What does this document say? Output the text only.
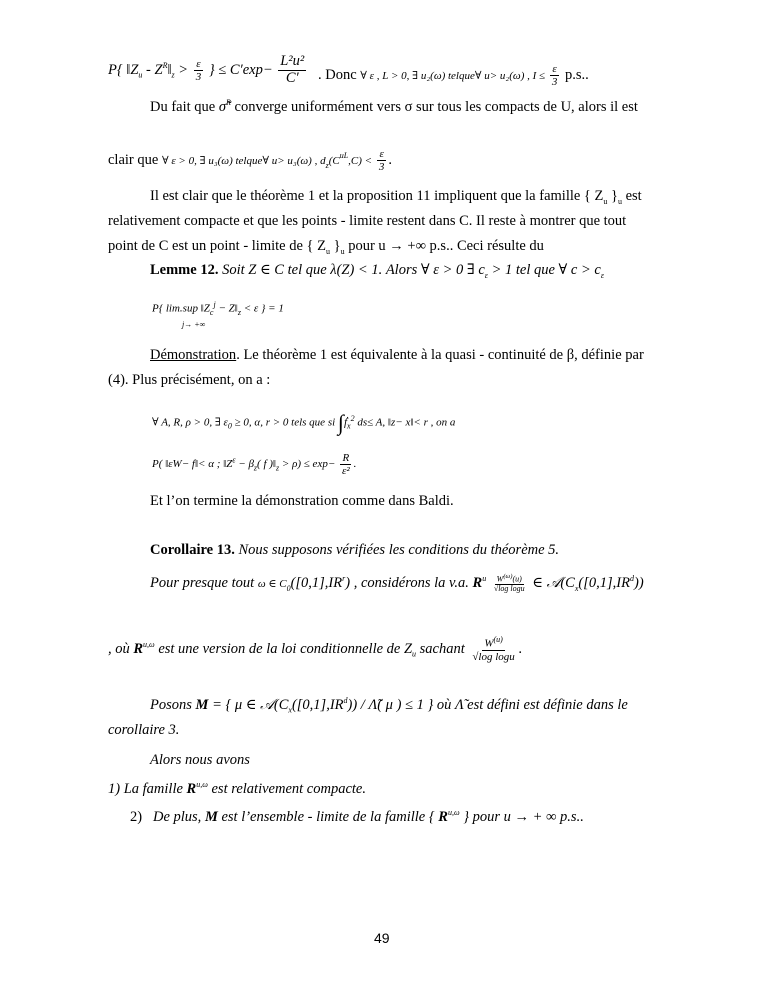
P{ $‖Z_u$ - $Z^R‖_z > \frac{\varepsilon}{3}$ } ≤ $C'\exp- \frac{\text{L²u²}}{C'}$ . Donc ∀ ε , L > 0, ∃ u₂(ω) telque∀ u> u₂(ω) , $I \le \frac{\varepsilon}{3} p.s$..
Du fait que σ̃$^R$ converge uniformément vers σ sur tous les compacts de U, alors il est
clair que ∀ ε > 0, ∃ u₃(ω) telque∀ u> u₃(ω) , $d_z(C^{uL},C) < \frac{\varepsilon}{3}$ .
Il est clair que le théorème 1 et la proposition 11 impliquent que la famille { $Z_u$ }$_u$ est
relativement compacte et que les points - limite restent dans C. Il reste à montrer que tout
point de C est un point - limite de { $Z_u$ }$_u$ pour u → +∞ p.s.. Ceci résulte du
Lemme 12. Soit Z ∈ C tel que λ(Z) < 1. Alors ∀ ε > 0 ∃ $c_\varepsilon > 1$ tel que ∀ $c > c_\varepsilon$
P{ lim.sup $‖Z_c^j$ − $Z‖_z < \varepsilon$ } = 1
j→ +∞
Démonstration. Le théorème 1 est équivalente à la quasi - continuité de β, définie par
(4). Plus précisément, on a :
∀ A, R, ρ > 0, ∃ $\varepsilon_0 \ge 0$, α, r > 0 tels que si ∫ḟ$_x^2$ ds≤ A, ‖z− x‖< r , on a
P( ‖εW− f‖< α ; $‖Z^\varepsilon - \beta_z$( f )$‖_z > \rho) \le \exp- \frac{R}{\text{ε²}}$ .
Et l’on termine la démonstration comme dans Baldi.
Corollaire 13. Nous supposons vérifiées les conditions du théorème 5.
Pour presque tout ω ∈ $C_0([0,1],IR^r)$ , considérons la v.a. $R^u \frac{W^{(\omega)}(u)}{\text{√log logu}}$ ∈ $𝒜(C_x([0,1],IR^d))$
, où $R^{u,\omega}$ est une version de la loi conditionnelle de $Z_u$ sachant $\frac{W^{(u)}}{\text{√log logu}}$ .
Posons M = { μ ∈ $𝒜(C_x([0,1],IR^d))$ / Λ̃( μ ) ≤ 1 } où Λ̃ est défini est définie dans le
corollaire 3.
Alors nous avons
1) La famille $R^{u,\omega}$ est relativement compacte.
2) De plus, M est l’ensemble - limite de la famille { $R^{u,\omega}$ } pour u → + ∞ p.s..
49
